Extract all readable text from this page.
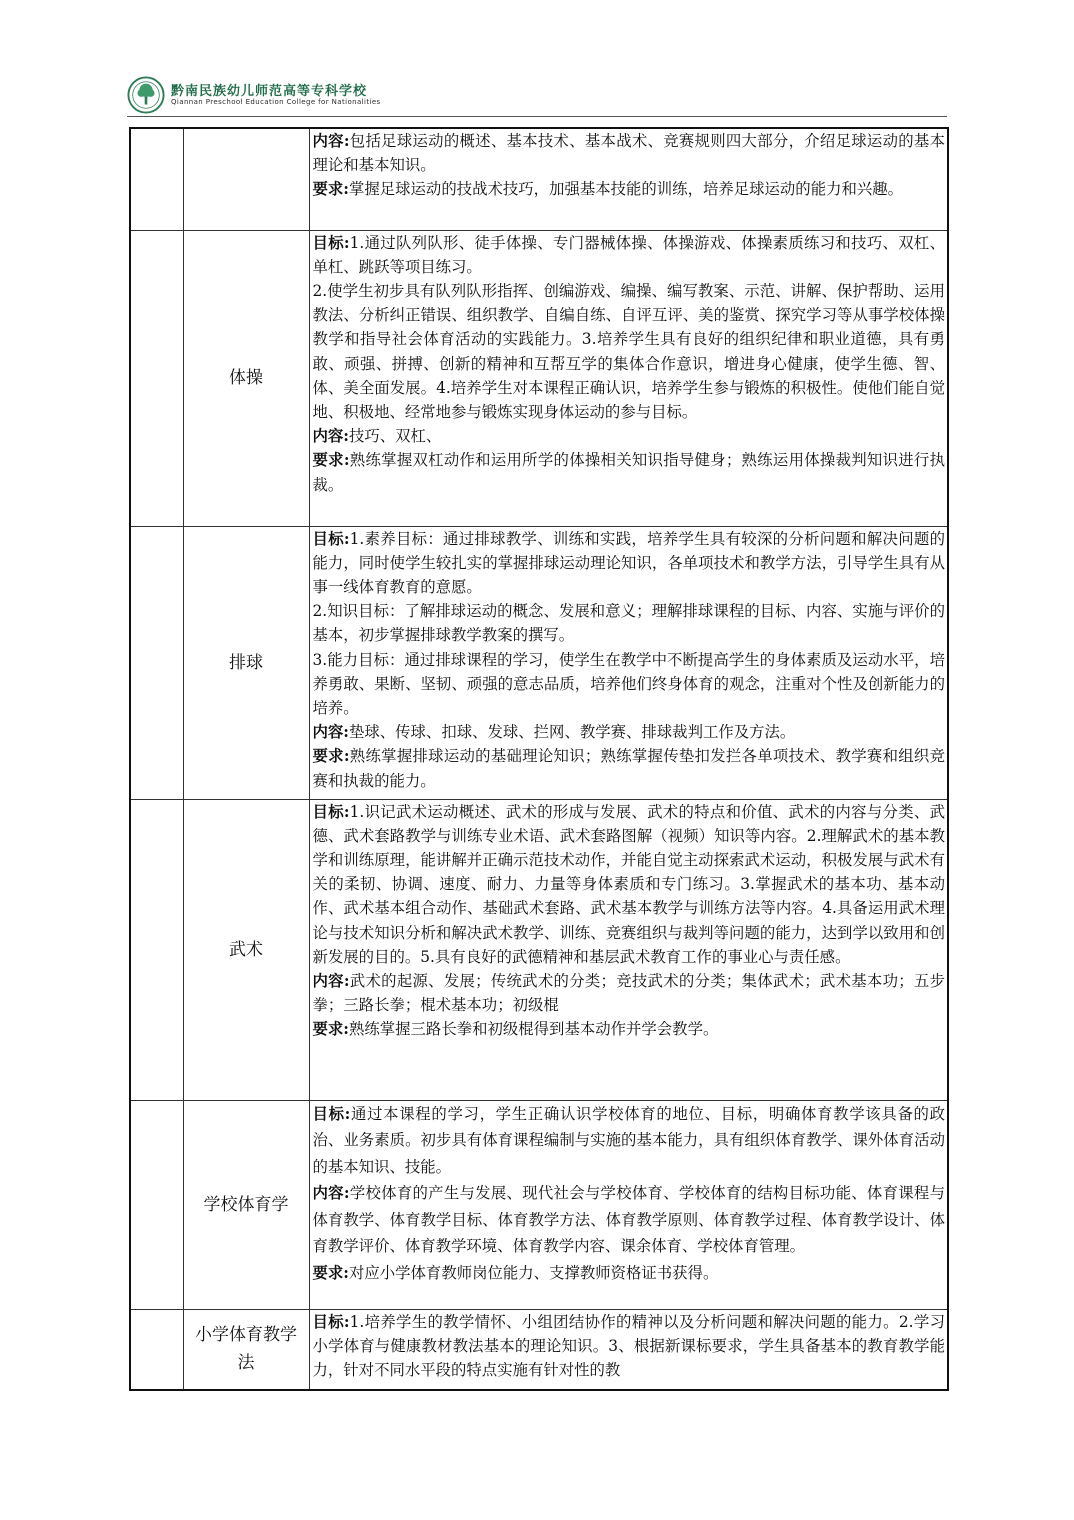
黔南民族幼儿师范高等专科学校
Qiannan Preschool Education College for Nationalities

		内容:包括足球运动的概述、基本技术、基本战术、竞赛规则四大部分，介绍足球运动的基本理论和基本知识。

要求:掌握足球运动的技战术技巧，加强基本技能的训练，培养足球运动的能力和兴趣。

	体操	目标:1.通过队列队形、徒手体操、专门器械体操、体操游戏、体操素质练习和技巧、双杠、单杠、跳跃等项目练习。

2.使学生初步具有队列队形指挥、创编游戏、编操、编写教案、示范、讲解、保护帮助、运用教法、分析纠正错误、组织教学、自编自练、自评互评、美的鉴赏、探究学习等从事学校体操教学和指导社会体育活动的实践能力。3.培养学生具有良好的组织纪律和职业道德，具有勇敢、顽强、拼搏、创新的精神和互帮互学的集体合作意识，增进身心健康，使学生德、智、体、美全面发展。4.培养学生对本课程正确认识，培养学生参与锻炼的积极性。使他们能自觉地、积极地、经常地参与锻炼实现身体运动的参与目标。

内容:技巧、双杠、

要求:熟练掌握双杠动作和运用所学的体操相关知识指导健身；熟练运用体操裁判知识进行执裁。

	排球	目标:1.素养目标：通过排球教学、训练和实践，培养学生具有较深的分析问题和解决问题的能力，同时使学生较扎实的掌握排球运动理论知识，各单项技术和教学方法，引导学生具有从事一线体育教育的意愿。

2.知识目标：了解排球运动的概念、发展和意义；理解排球课程的目标、内容、实施与评价的基本，初步掌握排球教学教案的撰写。

3.能力目标：通过排球课程的学习，使学生在教学中不断提高学生的身体素质及运动水平，培养勇敢、果断、坚韧、顽强的意志品质，培养他们终身体育的观念，注重对个性及创新能力的培养。

内容:垫球、传球、扣球、发球、拦网、教学赛、排球裁判工作及方法。

要求:熟练掌握排球运动的基础理论知识；熟练掌握传垫扣发拦各单项技术、教学赛和组织竞赛和执裁的能力。

	武术	目标:1.识记武术运动概述、武术的形成与发展、武术的特点和价值、武术的内容与分类、武德、武术套路教学与训练专业术语、武术套路图解（视频）知识等内容。2.理解武术的基本教学和训练原理，能讲解并正确示范技术动作，并能自觉主动探索武术运动，积极发展与武术有关的柔韧、协调、速度、耐力、力量等身体素质和专门练习。3.掌握武术的基本功、基本动作、武术基本组合动作、基础武术套路、武术基本教学与训练方法等内容。4.具备运用武术理论与技术知识分析和解决武术教学、训练、竞赛组织与裁判等问题的能力，达到学以致用和创新发展的目的。5.具有良好的武德精神和基层武术教育工作的事业心与责任感。

内容:武术的起源、发展；传统武术的分类；竞技武术的分类；集体武术；武术基本功；五步拳；三路长拳；棍术基本功；初级棍

要求:熟练掌握三路长拳和初级棍得到基本动作并学会教学。

	学校体育学	目标:通过本课程的学习，学生正确认识学校体育的地位、目标，明确体育教学该具备的政治、业务素质。初步具有体育课程编制与实施的基本能力，具有组织体育教学、课外体育活动的基本知识、技能。

内容:学校体育的产生与发展、现代社会与学校体育、学校体育的结构目标功能、体育课程与体育教学、体育教学目标、体育教学方法、体育教学原则、体育教学过程、体育教学设计、体育教学评价、体育教学环境、体育教学内容、课余体育、学校体育管理。

要求:对应小学体育教师岗位能力、支撑教师资格证书获得。

	小学体育教学法	目标:1.培养学生的教学情怀、小组团结协作的精神以及分析问题和解决问题的能力。2.学习小学体育与健康教材教法基本的理论知识。3、根据新课标要求，学生具备基本的教育教学能力，针对不同水平段的特点实施有针对性的教
